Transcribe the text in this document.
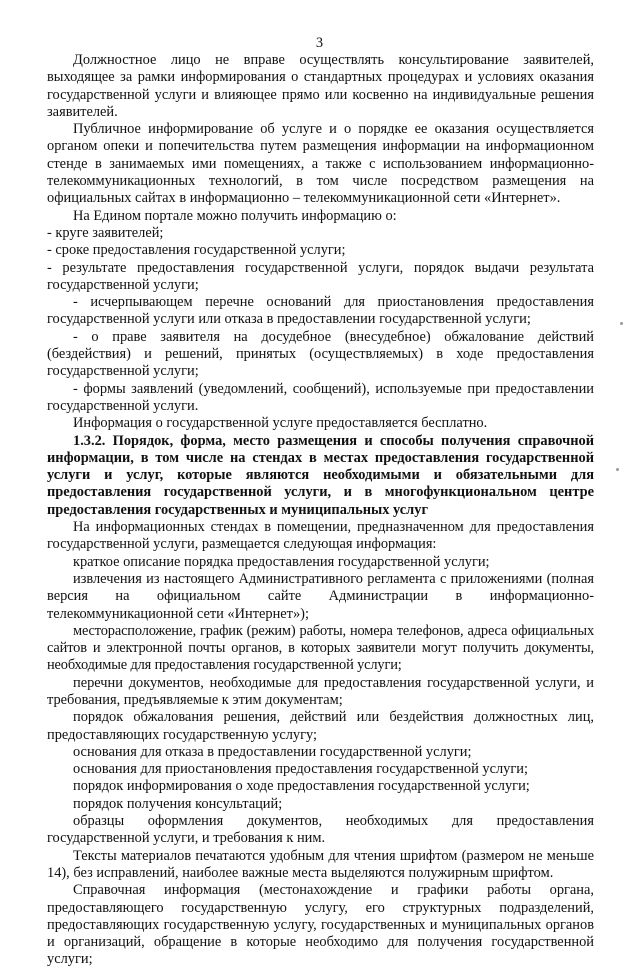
3

Должностное лицо не вправе осуществлять консультирование заявителей, выходящее за рамки информирования о стандартных процедурах и условиях оказания государственной услуги и влияющее прямо или косвенно на индивидуальные решения заявителей.

Публичное информирование об услуге и о порядке ее оказания осуществляется органом опеки и попечительства путем размещения информации на информационном стенде в занимаемых ими помещениях, а также с использованием информационно-телекоммуникационных технологий, в том числе посредством размещения на официальных сайтах в информационно – телекоммуникационной сети «Интернет».

На Едином портале можно получить информацию о:

- круге заявителей;

- сроке предоставления государственной услуги;

- результате предоставления государственной услуги, порядок выдачи результата государственной услуги;

- исчерпывающем перечне оснований для приостановления предоставления государственной услуги или отказа в предоставлении государственной услуги;

- о праве заявителя на досудебное (внесудебное) обжалование действий (бездействия) и решений, принятых (осуществляемых) в ходе предоставления государственной услуги;

- формы заявлений (уведомлений, сообщений), используемые при предоставлении государственной услуги.

Информация о государственной услуге предоставляется бесплатно.

1.3.2. Порядок, форма, место размещения и способы получения справочной информации, в том числе на стендах в местах предоставления государственной услуги и услуг, которые являются необходимыми и обязательными для предоставления государственной услуги, и в многофункциональном центре предоставления государственных и муниципальных услуг

На информационных стендах в помещении, предназначенном для предоставления государственной услуги, размещается следующая информация:

краткое описание порядка предоставления государственной услуги;

извлечения из настоящего Административного регламента с приложениями (полная версия на официальном сайте Администрации в информационно-телекоммуникационной сети «Интернет»);

месторасположение, график (режим) работы, номера телефонов, адреса официальных сайтов и электронной почты органов, в которых заявители могут получить документы, необходимые для предоставления государственной услуги;

перечни документов, необходимые для предоставления государственной услуги, и требования, предъявляемые к этим документам;

порядок обжалования решения, действий или бездействия должностных лиц, предоставляющих государственную услугу;

основания для отказа в предоставлении государственной услуги;

основания для приостановления предоставления государственной услуги;

порядок информирования о ходе предоставления государственной услуги;

порядок получения консультаций;

образцы оформления документов, необходимых для предоставления государственной услуги, и требования к ним.

Тексты материалов печатаются удобным для чтения шрифтом (размером не меньше 14), без исправлений, наиболее важные места выделяются полужирным шрифтом.

Справочная информация (местонахождение и графики работы органа, предоставляющего государственную услугу, его структурных подразделений, предоставляющих государственную услугу, государственных и муниципальных органов и организаций, обращение в которые необходимо для получения государственной услуги;
